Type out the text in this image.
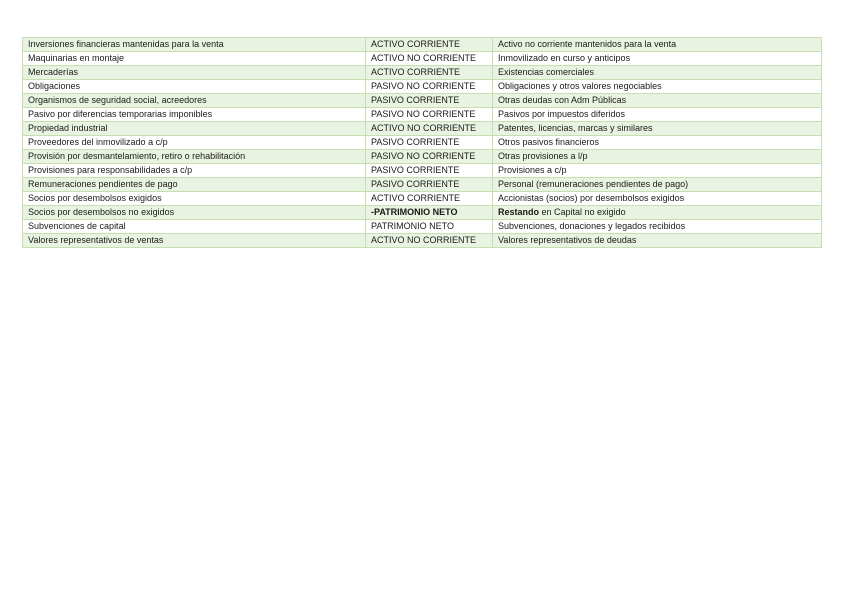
Inversiones financieras mantenidas para la venta	ACTIVO CORRIENTE	Activo no corriente mantenidos para la venta
Maquinarias en montaje	ACTIVO NO CORRIENTE	Inmovilizado en curso y anticipos
Mercaderías	ACTIVO CORRIENTE	Existencias comerciales
Obligaciones	PASIVO NO CORRIENTE	Obligaciones y otros valores negociables
Organismos de seguridad social, acreedores	PASIVO CORRIENTE	Otras deudas con Adm Públicas
Pasivo por diferencias temporarias imponibles	PASIVO NO CORRIENTE	Pasivos por impuestos diferidos
Propiedad industrial	ACTIVO NO CORRIENTE	Patentes, licencias, marcas y similares
Proveedores del inmovilizado a c/p	PASIVO CORRIENTE	Otros pasivos financieros
Provisión por desmantelamiento, retiro o rehabilitación	PASIVO NO CORRIENTE	Otras provisiones a l/p
Provisiones para responsabilidades a c/p	PASIVO CORRIENTE	Provisiones a c/p
Remuneraciones pendientes de pago	PASIVO CORRIENTE	Personal (remuneraciones pendientes de pago)
Socios por desembolsos exigidos	ACTIVO CORRIENTE	Accionistas (socios) por desembolsos exigidos
Socios por desembolsos no exigidos	-PATRIMONIO NETO	Restando en Capital no exigido
Subvenciones de capital	PATRIMONIO NETO	Subvenciones, donaciones y legados recibidos
Valores representativos de ventas	ACTIVO NO CORRIENTE	Valores representativos de deudas
